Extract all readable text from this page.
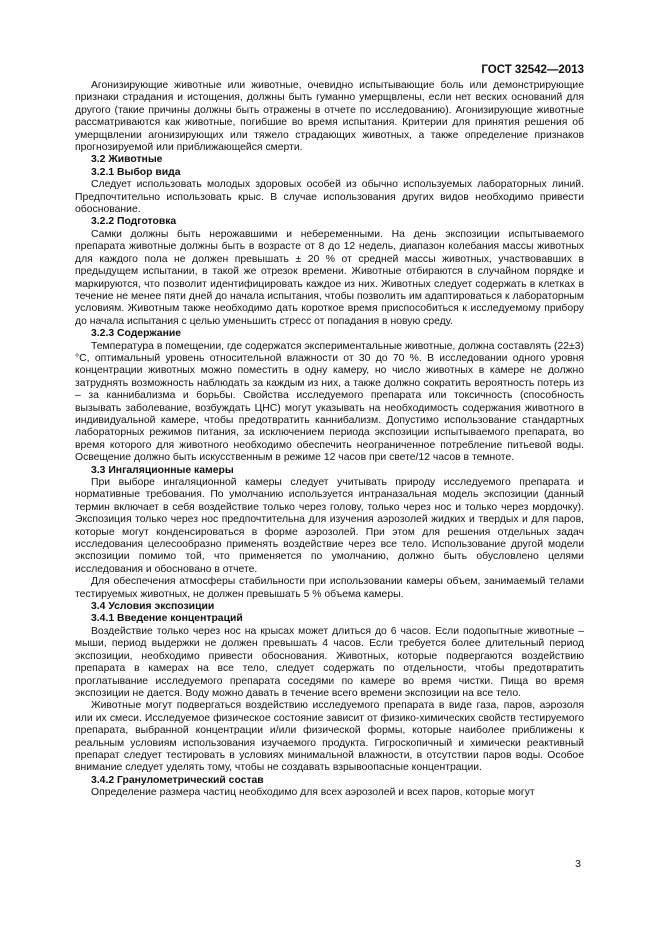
ГОСТ 32542—2013

Агонизирующие животные или животные, очевидно испытывающие боль или демонстрирующие признаки страдания и истощения, должны быть гуманно умерщвлены, если нет веских оснований для другого (такие причины должны быть отражены в отчете по исследованию). Агонизирующие животные рассматриваются как животные, погибшие во время испытания. Критерии для принятия решения об умерщвлении агонизирующих или тяжело страдающих животных, а также определение признаков прогнозируемой или приближающейся смерти.

3.2 Животные

3.2.1 Выбор вида

Следует использовать молодых здоровых особей из обычно используемых лабораторных линий. Предпочтительно использовать крыс. В случае использования других видов необходимо привести обоснование.

3.2.2 Подготовка

Самки должны быть нерожавшими и небеременными. На день экспозиции испытываемого препарата животные должны быть в возрасте от 8 до 12 недель, диапазон колебания массы животных для каждого пола не должен превышать ± 20 % от средней массы животных, участвовавших в предыдущем испытании, в такой же отрезок времени. Животные отбираются в случайном порядке и маркируются, что позволит идентифицировать каждое из них. Животных следует содержать в клетках в течение не менее пяти дней до начала испытания, чтобы позволить им адаптироваться к лабораторным условиям. Животным также необходимо дать короткое время приспособиться к исследуемому прибору до начала испытания с целью уменьшить стресс от попадания в новую среду.

3.2.3 Содержание

Температура в помещении, где содержатся экспериментальные животные, должна составлять (22±3) °С, оптимальный уровень относительной влажности от 30 до 70 %. В исследовании одного уровня концентрации животных можно поместить в одну камеру, но число животных в камере не должно затруднять возможность наблюдать за каждым из них, а также должно сократить вероятность потерь из – за каннибализма и борьбы. Свойства исследуемого препарата или токсичность (способность вызывать заболевание, возбуждать ЦНС) могут указывать на необходимость содержания животного в индивидуальной камере, чтобы предотвратить каннибализм. Допустимо использование стандартных лабораторных режимов питания, за исключением периода экспозиции испытываемого препарата, во время которого для животного необходимо обеспечить неограниченное потребление питьевой воды. Освещение должно быть искусственным в режиме 12 часов при свете/12 часов в темноте.

3.3 Ингаляционные камеры

При выборе ингаляционной камеры следует учитывать природу исследуемого препарата и нормативные требования. По умолчанию используется интраназальная модель экспозиции (данный термин включает в себя воздействие только через голову, только через нос и только через мордочку). Экспозиция только через нос предпочтительна для изучения аэрозолей жидких и твердых и для паров, которые могут конденсироваться в форме аэрозолей. При этом для решения отдельных задач исследования целесообразно применять воздействие через все тело. Использование другой модели экспозиции помимо той, что применяется по умолчанию, должно быть обусловлено целями исследования и обосновано в отчете.

Для обеспечения атмосферы стабильности при использовании камеры объем, занимаемый телами тестируемых животных, не должен превышать 5 % объема камеры.

3.4 Условия экспозиции

3.4.1 Введение концентраций

Воздействие только через нос на крысах может длиться до 6 часов. Если подопытные животные – мыши, период выдержки не должен превышать 4 часов. Если требуется более длительный период экспозиции, необходимо привести обоснования. Животных, которые подвергаются воздействию препарата в камерах на все тело, следует содержать по отдельности, чтобы предотвратить проглатывание исследуемого препарата соседями по камере во время чистки. Пища во время экспозиции не дается. Воду можно давать в течение всего времени экспозиции на все тело.

Животные могут подвергаться воздействию исследуемого препарата в виде газа, паров, аэрозоля или их смеси. Исследуемое физическое состояние зависит от физико-химических свойств тестируемого препарата, выбранной концентрации и/или физической формы, которые наиболее приближены к реальным условиям использования изучаемого продукта. Гигроскопичный и химически реактивный препарат следует тестировать в условиях минимальной влажности, в отсутствии паров воды. Особое внимание следует уделять тому, чтобы не создавать взрывоопасные концентрации.

3.4.2 Гранулометрический состав

Определение размера частиц необходимо для всех аэрозолей и всех паров, которые могут

3
